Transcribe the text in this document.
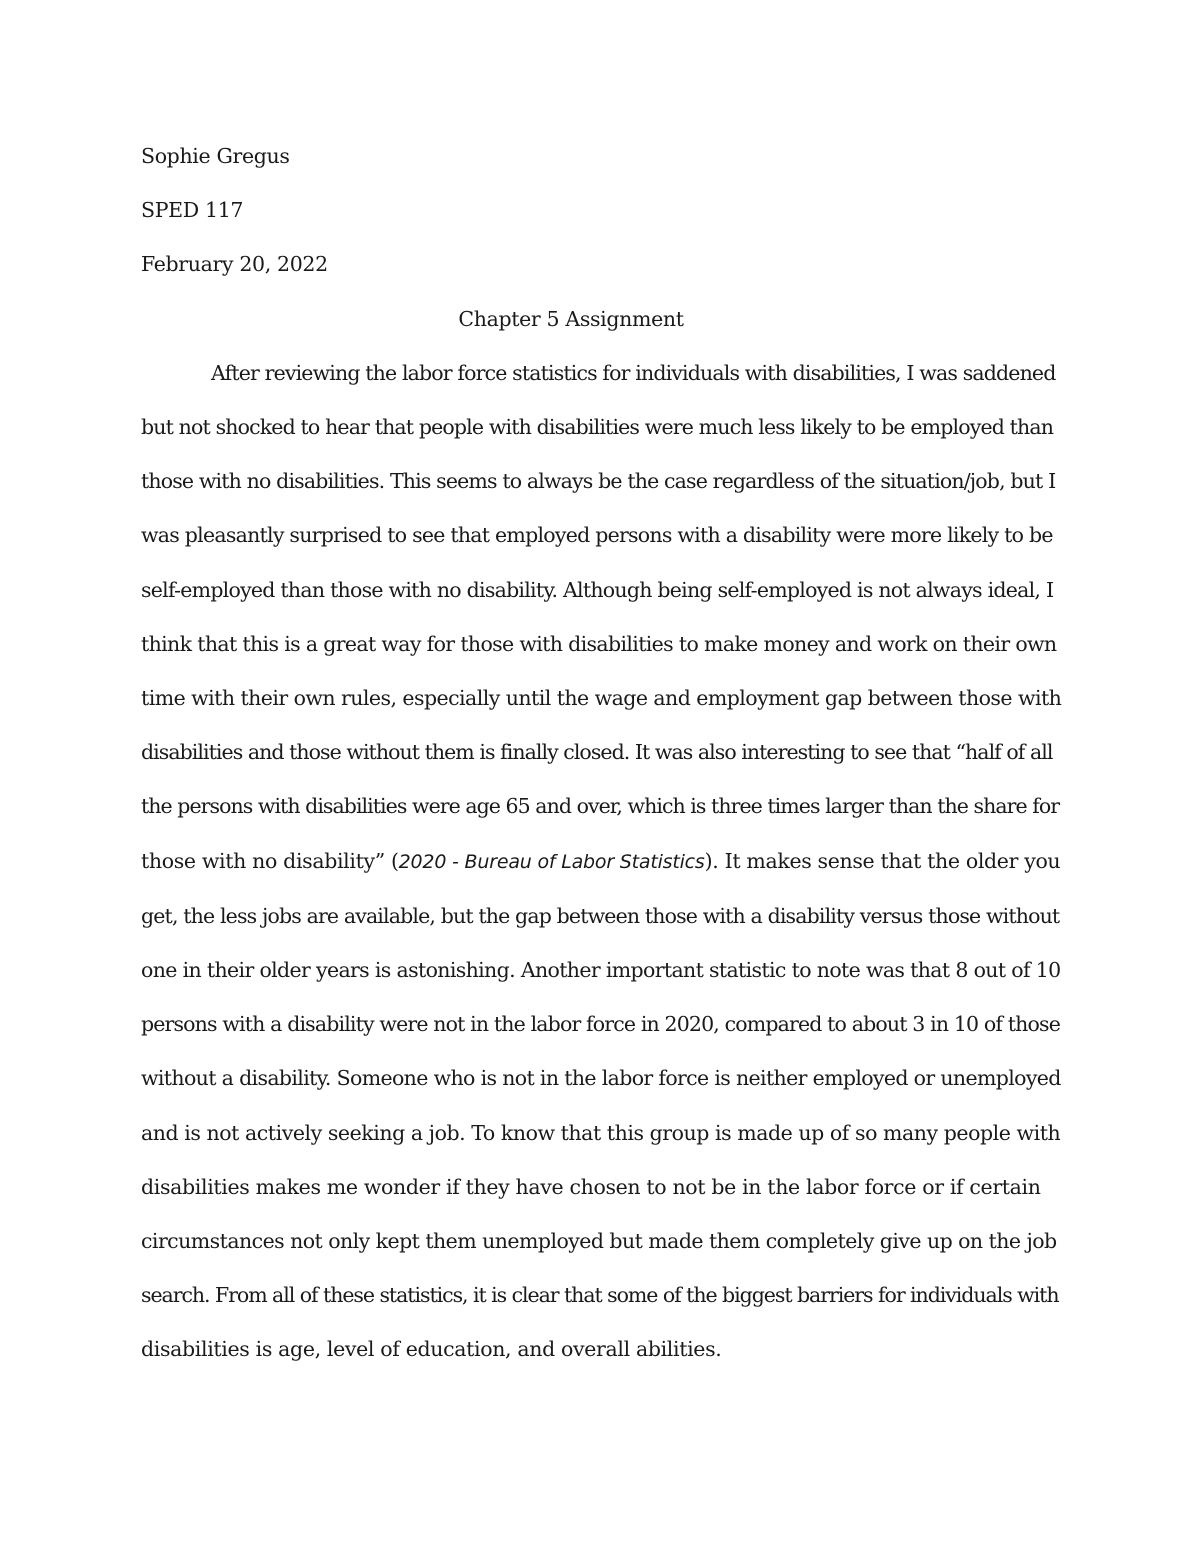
Sophie Gregus

SPED 117

February 20, 2022

Chapter 5 Assignment

After reviewing the labor force statistics for individuals with disabilities, I was saddened
but not shocked to hear that people with disabilities were much less likely to be employed than
those with no disabilities. This seems to always be the case regardless of the situation/job, but I
was pleasantly surprised to see that employed persons with a disability were more likely to be
self-employed than those with no disability. Although being self-employed is not always ideal, I
think that this is a great way for those with disabilities to make money and work on their own
time with their own rules, especially until the wage and employment gap between those with
disabilities and those without them is finally closed. It was also interesting to see that “half of all
the persons with disabilities were age 65 and over, which is three times larger than the share for
those with no disability” (2020 - Bureau of Labor Statistics). It makes sense that the older you
get, the less jobs are available, but the gap between those with a disability versus those without
one in their older years is astonishing. Another important statistic to note was that 8 out of 10
persons with a disability were not in the labor force in 2020, compared to about 3 in 10 of those
without a disability. Someone who is not in the labor force is neither employed or unemployed
and is not actively seeking a job. To know that this group is made up of so many people with
disabilities makes me wonder if they have chosen to not be in the labor force or if certain
circumstances not only kept them unemployed but made them completely give up on the job
search. From all of these statistics, it is clear that some of the biggest barriers for individuals with
disabilities is age, level of education, and overall abilities.
